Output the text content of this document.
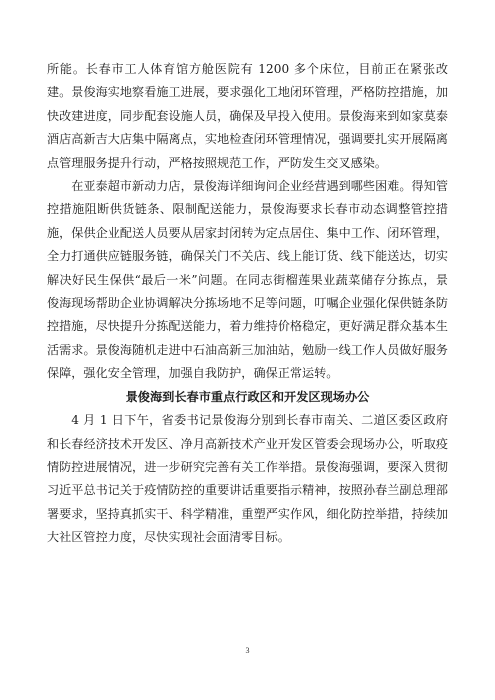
所能。长春市工人体育馆方舱医院有 1200 多个床位，目前正在紧张改建。景俊海实地察看施工进展，要求强化工地闭环管理，严格防控措施，加快改建进度，同步配套设施人员，确保及早投入使用。景俊海来到如家莫泰酒店高新吉大店集中隔离点，实地检查闭环管理情况，强调要扎实开展隔离点管理服务提升行动，严格按照规范工作，严防发生交叉感染。

在亚泰超市新动力店，景俊海详细询问企业经营遇到哪些困难。得知管控措施阻断供货链条、限制配送能力，景俊海要求长春市动态调整管控措施，保供企业配送人员要从居家封闭转为定点居住、集中工作、闭环管理，全力打通供应链服务链，确保关门不关店、线上能订货、线下能送达，切实解决好民生保供“最后一米”问题。在同志街榴莲果业蔬菜储存分拣点，景俊海现场帮助企业协调解决分拣场地不足等问题，叮嘱企业强化保供链条防控措施，尽快提升分拣配送能力，着力维持价格稳定，更好满足群众基本生活需求。景俊海随机走进中石油高新三加油站，勉励一线工作人员做好服务保障，强化安全管理，加强自我防护，确保正常运转。

景俊海到长春市重点行政区和开发区现场办公

4 月 1 日下午，省委书记景俊海分别到长春市南关、二道区委区政府和长春经济技术开发区、净月高新技术产业开发区管委会现场办公，听取疫情防控进展情况，进一步研究完善有关工作举措。景俊海强调，要深入贯彻习近平总书记关于疫情防控的重要讲话重要指示精神，按照孙春兰副总理部署要求，坚持真抓实干、科学精准，重塑严实作风，细化防控举措，持续加大社区管控力度，尽快实现社会面清零目标。

3
